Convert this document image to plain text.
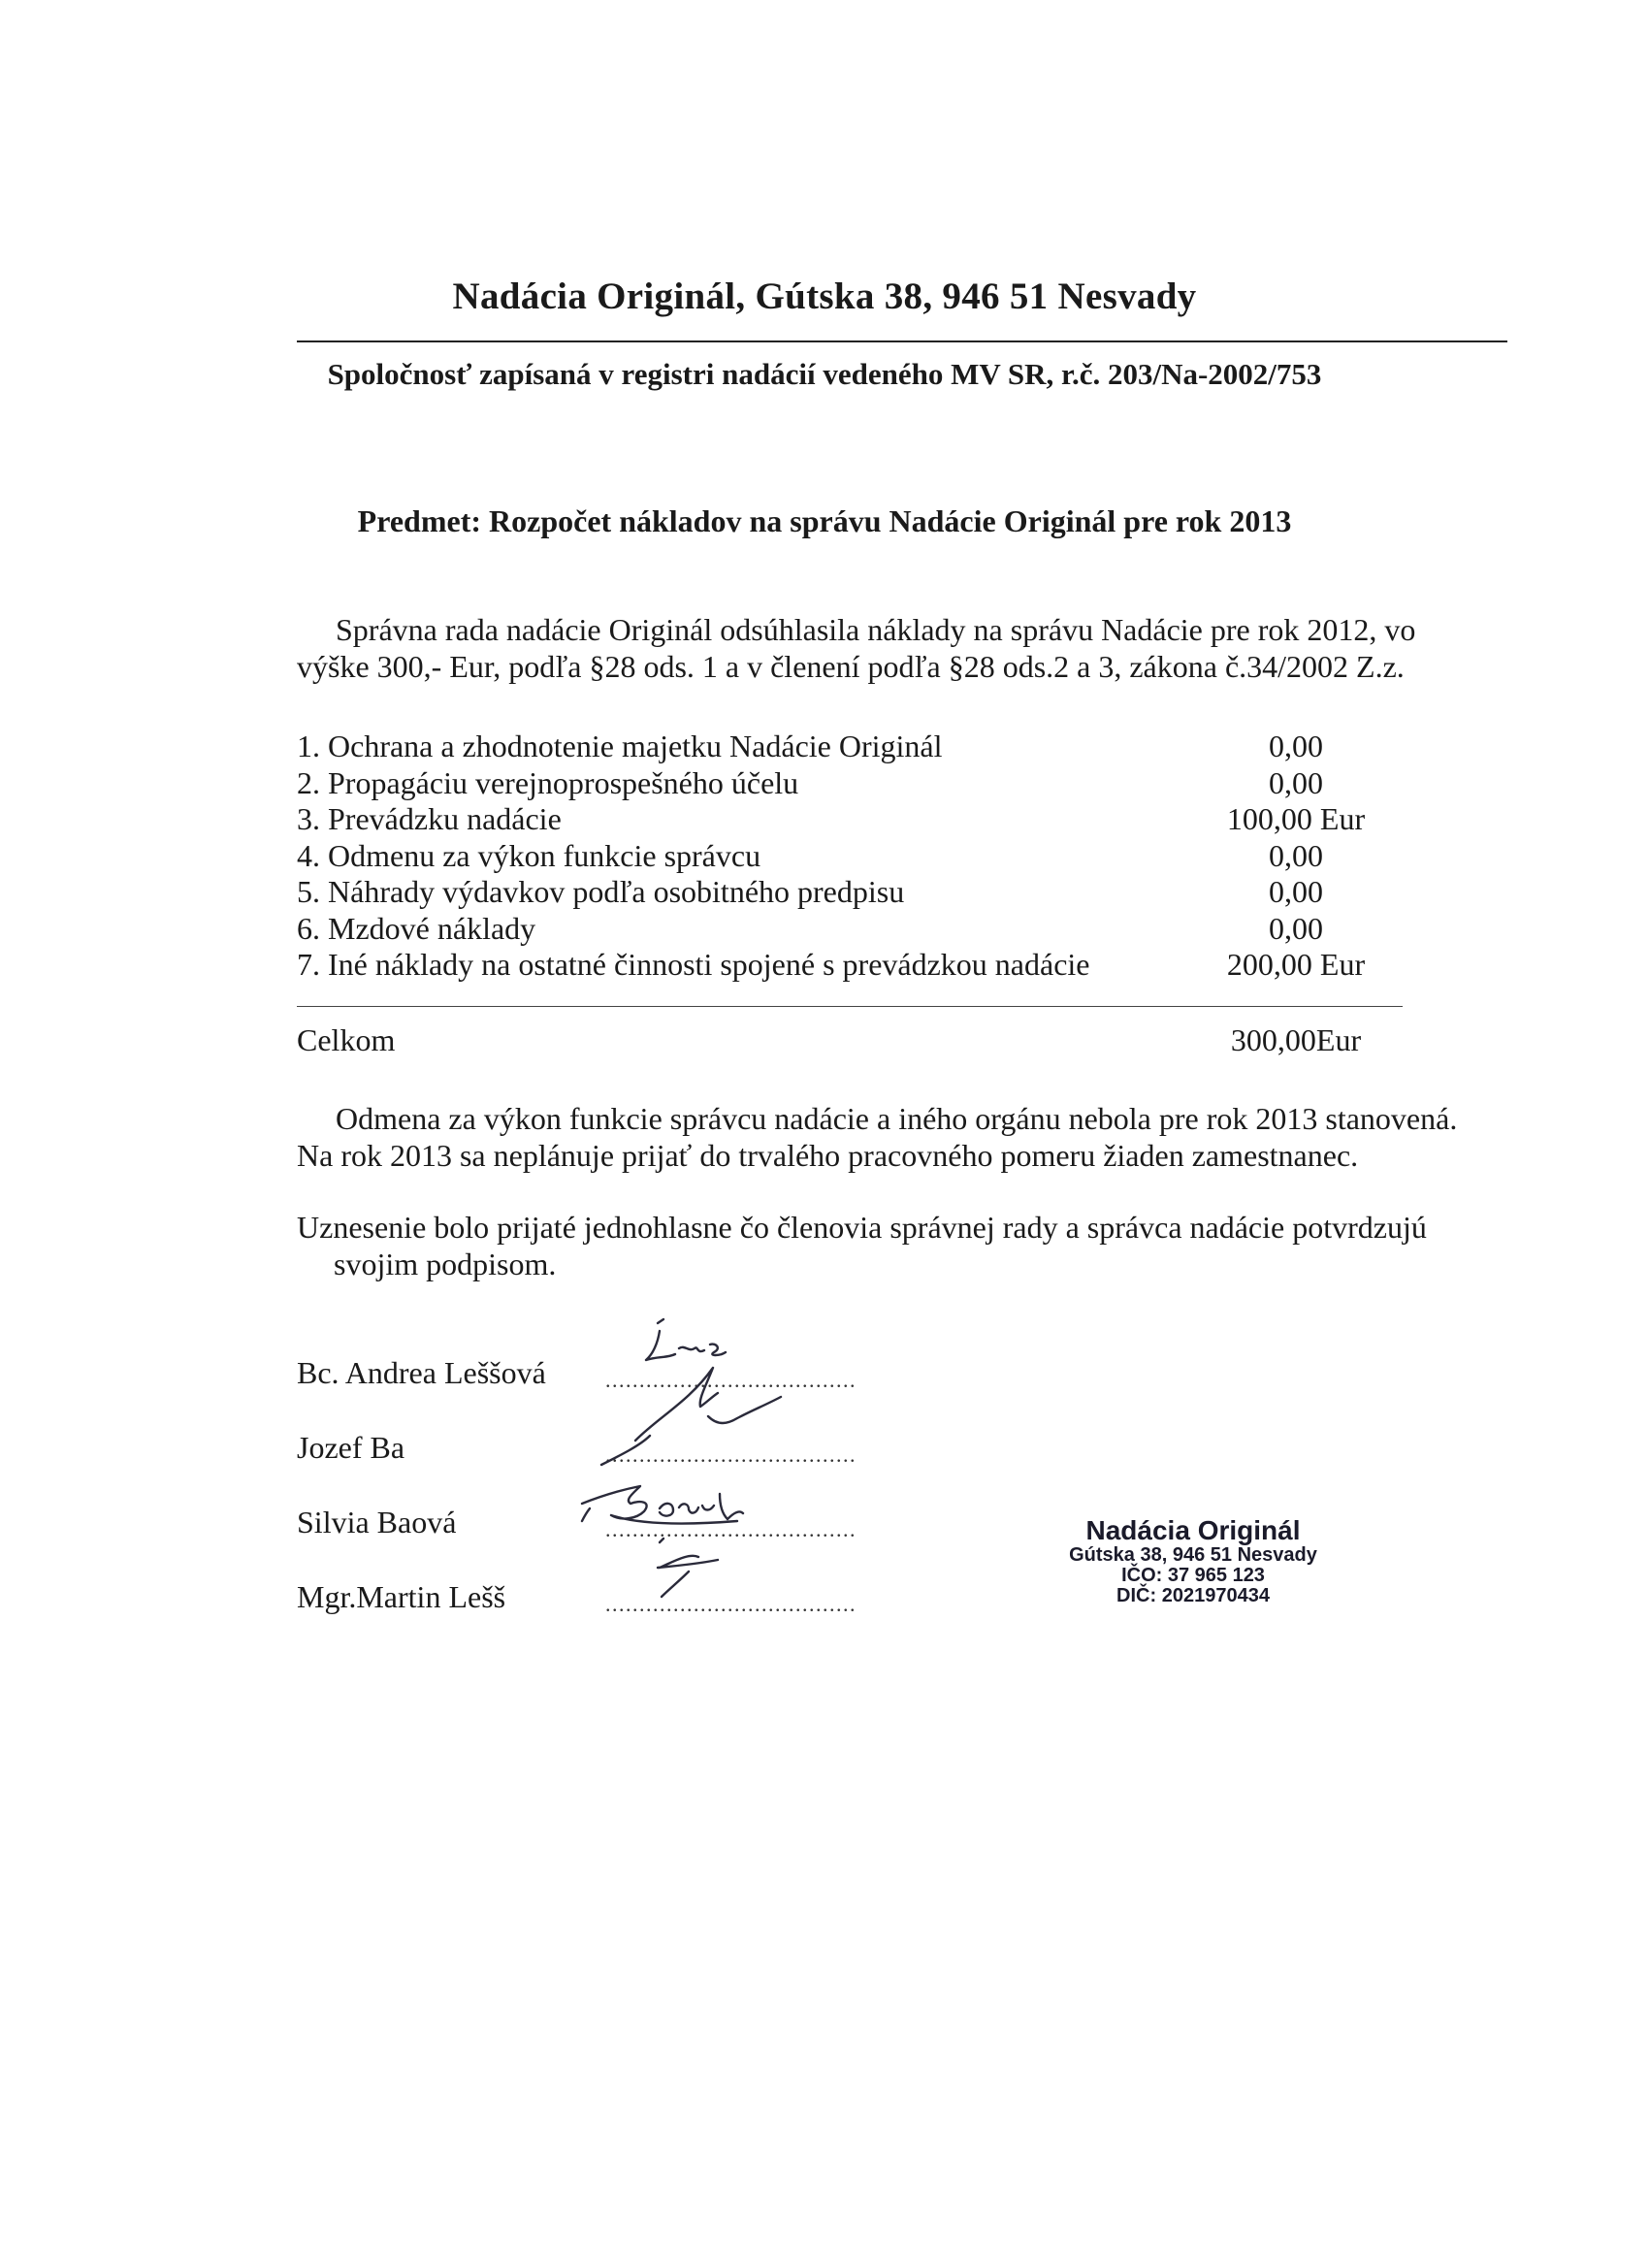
Nadácia Originál, Gútska 38, 946 51 Nesvady
Spoločnosť zapísaná v registri nadácií vedeného MV SR, r.č. 203/Na-2002/753
Predmet: Rozpočet nákladov na správu Nadácie Originál pre rok 2013
Správna rada nadácie Originál odsúhlasila náklady na správu Nadácie pre rok 2012, vo
výške 300,- Eur, podľa §28 ods. 1 a v členení podľa §28 ods.2 a 3, zákona č.34/2002 Z.z.
1. Ochrana a zhodnotenie majetku Nadácie Originál	0,00
2. Propagáciu verejnoprospešného účelu	0,00
3. Prevádzku nadácie	100,00 Eur
4. Odmenu za výkon funkcie správcu	0,00
5. Náhrady výdavkov podľa osobitného predpisu	0,00
6. Mzdové náklady	0,00
7. Iné náklady na ostatné činnosti spojené s prevádzkou nadácie	200,00 Eur
Celkom	300,00Eur
Odmena za výkon funkcie správcu nadácie a iného orgánu nebola pre rok 2013 stanovená.
Na rok 2013 sa neplánuje prijať do trvalého pracovného pomeru žiaden zamestnanec.
Uznesenie bolo prijaté jednohlasne čo členovia správnej rady a správca nadácie potvrdzujú
svojim podpisom.
Bc. Andrea Leššová	.....................................
Jozef Ba	.....................................
Silvia Baová	.....................................
Mgr.Martin Lešš	.....................................
Nadácia Originál
Gútska 38, 946 51 Nesvady
IČO: 37 965 123
DIČ: 2021970434
